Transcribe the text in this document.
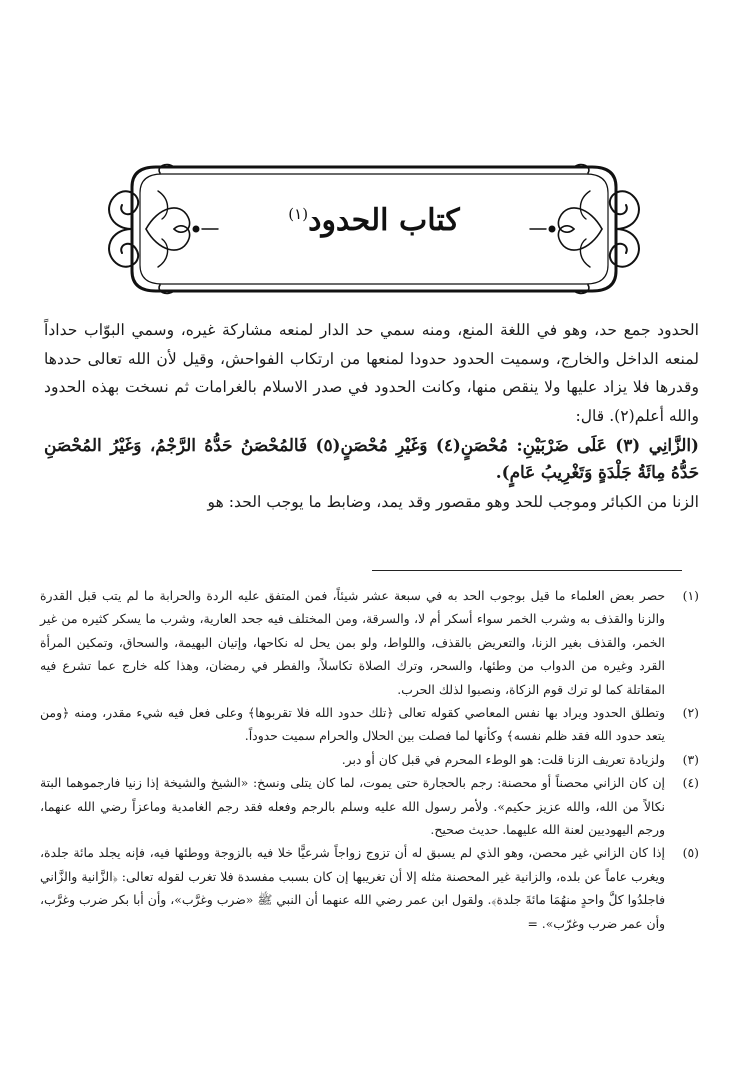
كتاب الحدود$^{(١)}$

الحدود جمع حد، وهو في اللغة المنع، ومنه سمي حد الدار لمنعه مشاركة غيره، وسمي البوّاب حداداً لمنعه الداخل والخارج، وسميت الحدود حدودا لمنعها من ارتكاب الفواحش، وقيل لأن الله تعالى حددها وقدرها فلا يزاد عليها ولا ينقص منها، وكانت الحدود في صدر الاسلام بالغرامات ثم نسخت بهذه الحدود والله أعلم(٢). قال:

(الزَّانِي (٣) عَلَى ضَرْبَيْنِ: مُحْصَنٍ(٤) وَغَيْرِ مُحْصَنٍ(٥) فَالمُحْصَنُ حَدُّهُ الرَّجْمُ، وَغَيْرُ المُحْصَنِ حَدُّهُ مِائَةُ جَلْدَةٍ وَتَغْرِيبُ عَامٍ).

الزنا من الكبائر وموجب للحد وهو مقصور وقد يمد، وضابط ما يوجب الحد: هو

(١)
حصر بعض العلماء ما قيل بوجوب الحد به في سبعة عشر شيئاً، فمن المتفق عليه الردة والحرابة ما لم يتب قبل القدرة والزنا والقذف به وشرب الخمر سواء أسكر أم لا، والسرقة، ومن المختلف فيه جحد العارية، وشرب ما يسكر كثيره من غير الخمر، والقذف بغير الزنا، والتعريض بالقذف، واللواط، ولو بمن يحل له نكاحها، وإتيان البهيمة، والسحاق، وتمكين المرأة القرد وغيره من الدواب من وطئها، والسحر، وترك الصلاة تكاسلاً، والفطر في رمضان، وهذا كله خارج عما تشرع فيه المقاتلة كما لو ترك قوم الزكاة، ونصبوا لذلك الحرب.
(٢)
وتطلق الحدود ويراد بها نفس المعاصي كقوله تعالى ﴿تلك حدود الله فلا تقربوها﴾ وعلى فعل فيه شيء مقدر، ومنه ﴿ومن يتعد حدود الله فقد ظلم نفسه﴾ وكأنها لما فصلت بين الحلال والحرام سميت حدوداً.
(٣)
ولزيادة تعريف الزنا قلت: هو الوطء المحرم في قبل كان أو دبر.
(٤)
إن كان الزاني محصناً أو محصنة: رجم بالحجارة حتى يموت، لما كان يتلى ونسخ: «الشيخ والشيخة إذا زنيا فارجموهما البتة نكالاً من الله، والله عزيز حكيم». ولأمر رسول الله عليه وسلم بالرجم وفعله فقد رجم الغامدية وماعزاً رضي الله عنهما، ورجم اليهوديين لعنة الله عليهما. حديث صحيح.
(٥)
إذا كان الزاني غير محصن، وهو الذي لم يسبق له أن تزوج زواجاً شرعيًّا خلا فيه بالزوجة ووطئها فيه، فإنه يجلد مائة جلدة، ويغرب عاماً عن بلده، والزانية غير المحصنة مثله إلا أن تغريبها إن كان بسبب مفسدة فلا تغرب لقوله تعالى: ﴿الزَّانية والزَّاني فاجلدُوا كلَّ واحدٍ منهُمَا مائةَ جلدة﴾. ولقول ابن عمر رضي الله عنهما أن النبي ﷺ «ضرب وغرَّب»، وأن أبا بكر ضرب وغرَّب، وأن عمر ضرب وغرّب». =
